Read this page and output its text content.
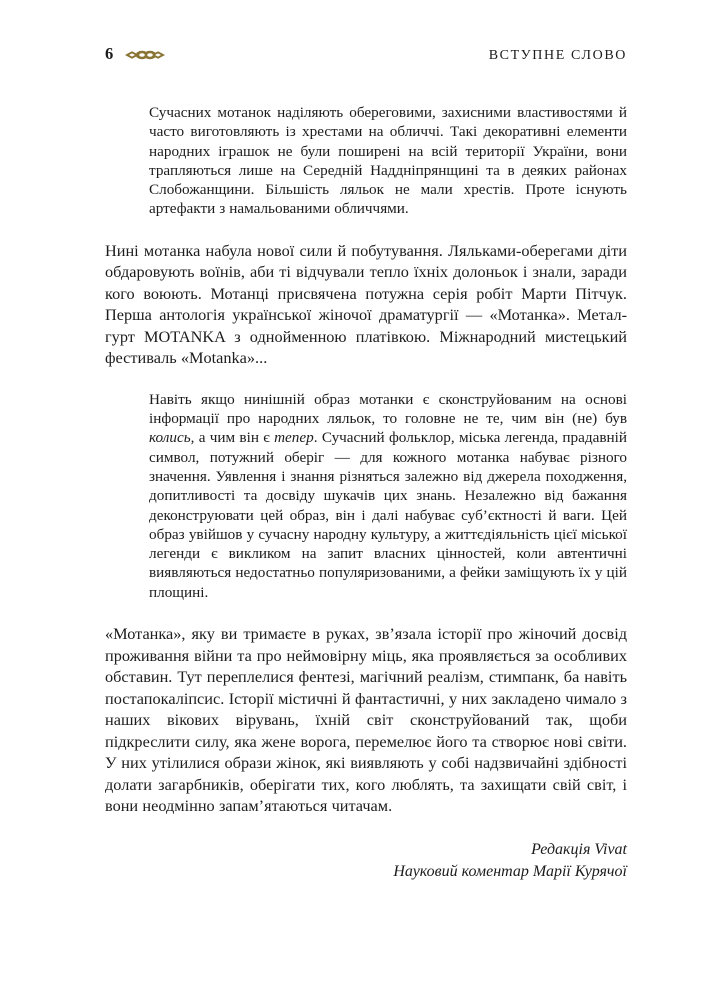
6	ВСТУПНЕ СЛОВО

Сучасних мотанок наділяють обереговими, захисними властивостями й часто виготовляють із хрестами на обличчі. Такі декоративні елементи народних іграшок не були поширені на всій території України, вони трапляються лише на Середній Наддніпрянщині та в деяких районах Слобожанщини. Більшість ляльок не мали хрестів. Проте існують артефакти з намальованими обличчями.

Нині мотанка набула нової сили й побутування. Ляльками-оберегами діти обдаровують воїнів, аби ті відчували тепло їхніх долоньок і знали, заради кого воюють. Мотанці присвячена потужна серія робіт Марти Пітчук. Перша антологія української жіночої драматургії — «Мотанка». Метал-гурт MOTANKA з однойменною платівкою. Міжнародний мистецький фестиваль «Motanka»...

Навіть якщо нинішній образ мотанки є сконструйованим на основі інформації про народних ляльок, то головне не те, чим він (не) був колись, а чим він є тепер. Сучасний фольклор, міська легенда, прадавній символ, потужний оберіг — для кожного мотанка набуває різного значення. Уявлення і знання різняться залежно від джерела походження, допитливості та досвіду шукачів цих знань. Незалежно від бажання деконструювати цей образ, він і далі набуває суб’єктності й ваги. Цей образ увійшов у сучасну народну культуру, а життєдіяльність цієї міської легенди є викликом на запит власних цінностей, коли автентичні виявляються недостатньо популяризованими, а фейки заміщують їх у цій площині.

«Мотанка», яку ви тримаєте в руках, зв’язала історії про жіночий досвід проживання війни та про неймовірну міць, яка проявляється за особливих обставин. Тут переплелися фентезі, магічний реалізм, стимпанк, ба навіть постапокаліпсис. Історії містичні й фантастичні, у них закладено чимало з наших вікових вірувань, їхній світ сконструйований так, щоби підкреслити силу, яка жене ворога, перемелює його та створює нові світи. У них утілилися образи жінок, які виявляють у собі надзвичайні здібності долати загарбників, оберігати тих, кого люблять, та захищати свій світ, і вони неодмінно запам’ятаються читачам.

Редакція Vivat
Науковий коментар Марії Курячої
